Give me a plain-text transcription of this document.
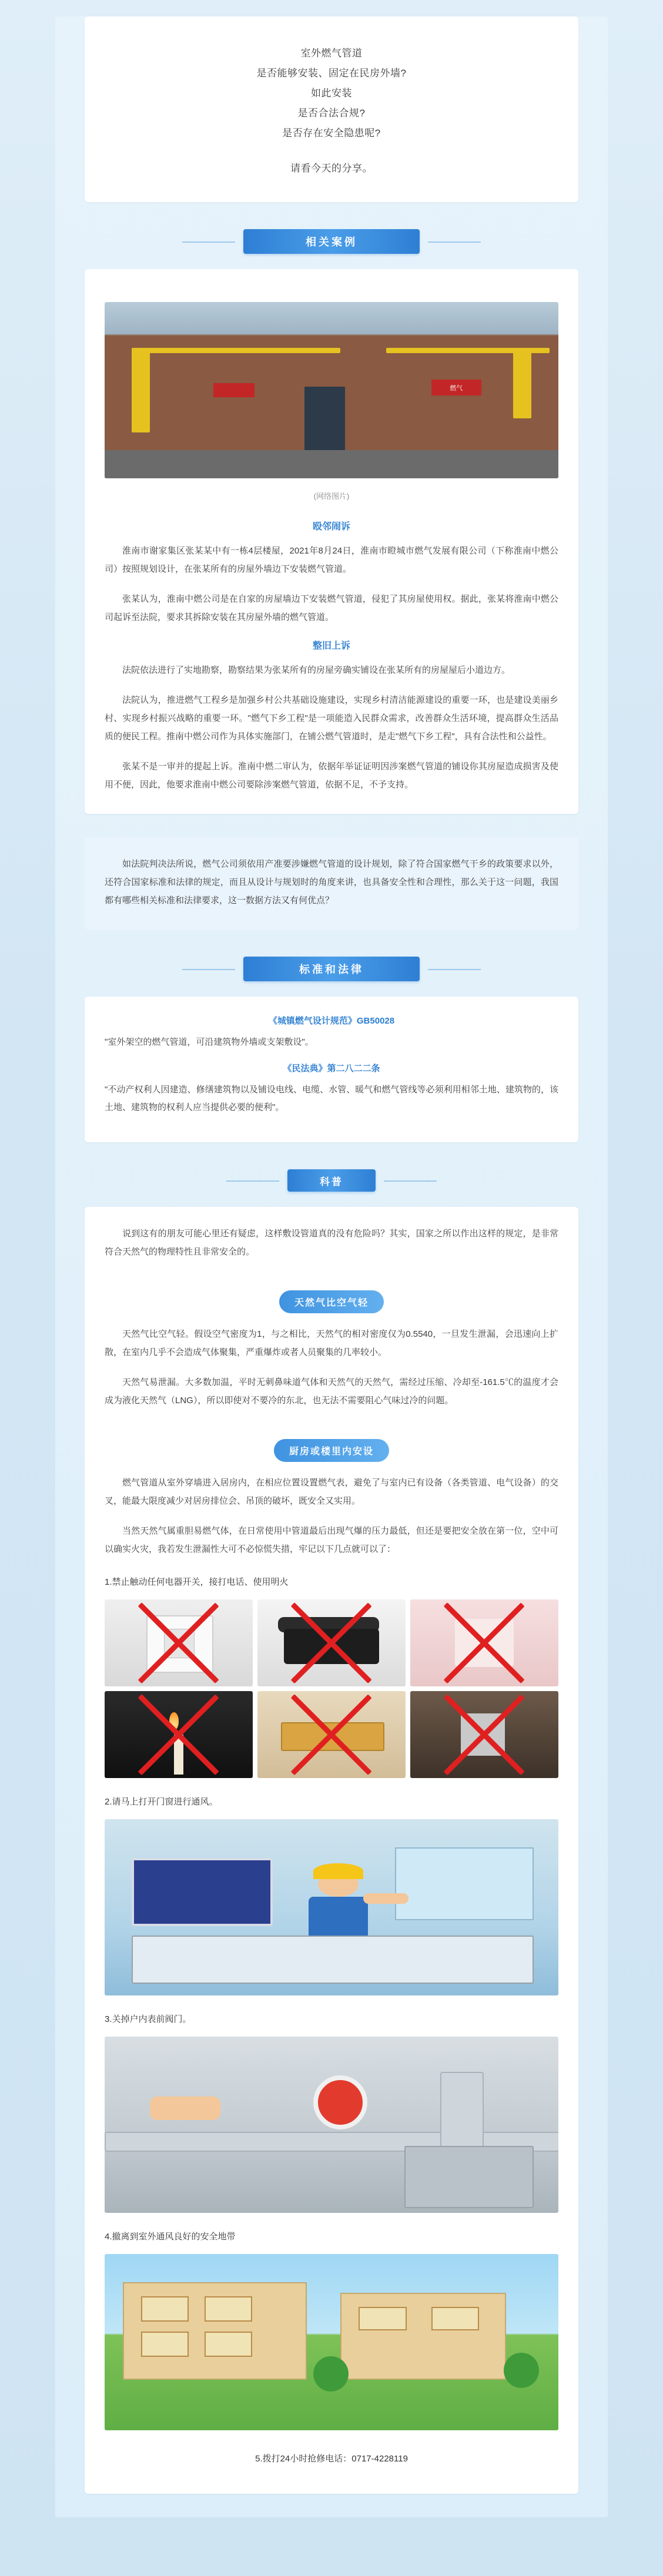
室外燃气管道
是否能够安装、固定在民房外墙?
如此安装
是否合法合规?
是否存在安全隐患呢?
请看今天的分享。
相关案例
燃气
(网络图片)
殴邻闹诉

淮南市谢家集区张某某中有一栋4层楼屋，2021年8月24日，淮南市瞪城市燃气发展有限公司（下称淮南中燃公司）按照规划设计，在张某所有的房屋外墙边下安装燃气管道。

张某认为，淮南中燃公司是在自家的房屋墙边下安装燃气管道，侵犯了其房屋使用权。据此，张某将淮南中燃公司起诉至法院，要求其拆除安装在其房屋外墙的燃气管道。

整旧上诉

法院依法进行了实地勘察，勘察结果为张某所有的房屋旁确实铺设在张某所有的房屋屋后小道边方。

法院认为，推进燃气工程乡是加强乡村公共基础设施建设，实现乡村清洁能源建设的重要一环，也是建设美丽乡村、实现乡村振兴战略的重要一环。"燃气下乡工程"是一项能造入民群众需求，改善群众生活环境，提高群众生活品质的便民工程。推南中燃公司作为具体实施部门，在铺公燃气管道时，是走"燃气下乡工程"，具有合法性和公益性。

张某不是一审并的提起上诉。淮南中燃二审认为，依据年举证证明因涉案燃气管道的铺设你其房屋造成损害及使用不便，因此，他要求淮南中燃公司要除涉案燃气管道，依据不足，不予支持。

如法院判决法所说，燃气公司须依用产准要涉嫌燃气管道的设计规划，除了符合国家燃气干乡的政策要求以外，还符合国家标准和法律的规定，而且从设计与规划时的角度来讲，也具备安全性和合理性，那么关于这一问题，我国都有哪些相关标准和法律要求，这一数据方法又有何优点？

标准和法律
《城镇燃气设计规范》GB50028

"室外架空的燃气管道，可沿建筑物外墙或支架敷设"。

《民法典》第二八二二条

"不动产权利人因建造、修缮建筑物以及铺设电线、电缆、水管、暖气和燃气管线等必须利用相邻土地、建筑物的，该土地、建筑物的权利人应当提供必要的便利"。

科普

说到这有的朋友可能心里还有疑虑，这样敷设管道真的没有危险吗？其实，国家之所以作出这样的规定，是非常符合天然气的物理特性且非常安全的。

天然气比空气轻

天然气比空气轻。假设空气密度为1，与之相比，天然气的相对密度仅为0.5540，一旦发生泄漏，会迅速向上扩散，在室内几乎不会造成气体聚集，严重爆炸或者人员聚集的几率较小。

天然气易泄漏。大多数加温，平时无刺鼻味道气体和天然气的天然气，需经过压缩、冷却至-161.5℃的温度才会成为液化天然气（LNG），所以即使对不要冷的东北，也无法不需要阻心气味过冷的问题。

厨房或楼里内安设

燃气管道从室外穿墙进入居房内，在相应位置设置燃气表，避免了与室内已有设备（各类管道、电气设备）的交叉，能最大限度减少对居房排位会、吊顶的破坏，既安全又实用。

当然天然气属重胆易燃气体，在日常使用中管道最后出现气爆的压力最低，但还是要把安全放在第一位，空中可以确实火灾，我若发生泄漏性大可不必惊慌失措，牢记以下几点就可以了：

1.禁止触动任何电器开关，接打电话、使用明火
2.请马上打开门窗进行通风。
3.关掉户内表前阀门。
4.撤离到室外通风良好的安全地带
5.拨打24小时抢修电话：0717-4228119
